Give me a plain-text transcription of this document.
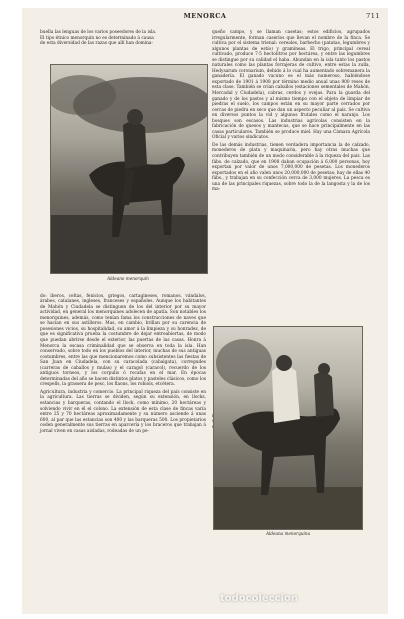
MENORCA	711

buella las lenguas de los varios poseedores de la isla.

El tipo étnico menorquín no es determinado á causa

de esta diversidad de las razas que allí han domina-

do: iberos, celtas, fenicios, griegos, cartagineses, romanos, vándalos, árabes, catalanes, ingleses, franceses y españoles. Aunque los habitantes de Mahón y Ciudadela se distinguen de los del interior por su mayor actividad, en general los menorquines adolecen de apatía. Son notables los menorquines, además, como tenían fama los construcciones de naves que se hacían en sus astilleros. Mas, en cambio, brillan por su carencia de posesiones vicios, su hospitalidad, su amor á la limpieza y su honradez, de que es significativa prueba la costumbre de dejar entreabiertas, de modo que puedan abrirse desde el exterior, las puertas de las casas. Honra á Menorca la escasa criminalidad que se observa en toda la isla. Han conservado, sobre todo en los pueblos del interior, muchas de sus antiguas costumbres, entre las que mencionaremos como subsistentes las fiestas de San Juan en Ciudadela, con su caracolada (cabalgata), corregudes (carreras de caballos y mulas) y el caragol (caracol), recuerdo de los antiguos torneos, y los corpulis ó rocafas en el mar. En épocas determinadas del año se bacen distintos platos y pasteles clásicos, como los crespells, la grassera de pesc, los flaons, los robiols, etcétera.

Agricultura, industria y comercio. La principal riqueza del país consiste en la agricultura. Las tierras se dividen, según su extensión, en llocks, estancias y barqueras, contando el llock, como mínimo, 20 hectáreas y solviendo vivir en él el colono. La extensión de esta clase de fincas varía entre 25 y 70 hectáreas aproximadamente y su número asciende á unas 600, al par que las estancias son 400 y las barqueras 500. Los propietarios ceden generalmente sus tierras en aparcería y los braceros que trabajan á jornal viven en casas aisladas, rodeadas de un pe-

queño campo, y se llaman casetas; estos edificios, agrupados irregularmente, forman caseríos que llevan el nombre de la finca. Se cultiva por el sistema trienal: cereales, barbecho (patatas, legumbres y algunos plantas de estío) y gramíneas. El trigo, principal cereal cultivado, produce 7·5 hectolitros por hectárea, y entre las legumbres se distingue por su calidad el haba. Abundan en la isla tanto los pastos naturales como las plantas forrajeras de cultivo, entre estas la zulla, Hedysarum coronarium, debido á lo cual ha aumentado sobremanera la ganadería. El ganado vacuno es el más numeroso, habiéndose exportado de 1901 á 1908 por término medio anual unas 900 reses de esta clase. También se crían caballos (estaciones sementales de Mahón, Mercadal y Ciudadela), cabras, cerdos y ovejas. Para la guarda del ganado y de los pastos y al mismo tiempo con el objeto de limpiar de piedras el suelo, los campos están en su mayor parte cerrados por cercas de piedra en seco que dan un aspecto peculiar al país. Se cultiva en diversos puntos la vid y algunos frutales como el naranjo. Los bosques son escasos. Las industrias agrícolas consisten en la fabricación de quesos y mantecas, que se hace principalmente en las casas particulares. También se produce miel. Hay una Cámara Agrícola Oficial y varios sindicatos.

De las demás industrias, tienen verdadera importancia la de calzado, monederos de plata y maquinaria, pero hay otras muchas que contribuyen también de un modo considerable á la riqueza del país. Las fábs. de calzado, que en 1908 daban ocupación á 6,000 personas, hoy exportan por valor de unos 7,000,000 de pesetas. Los monederos exportados en el año valen unos 20,000,000 de pesetas; hay de ellas 40 fábs., y trabajan en su confección cerca de 3,000 mujeres. La pesca es una de las principales riquezas, sobre todo la de la langosta y la de los ma-

Aldeano menorquín
Aldeana menorquina
todocoleccion
